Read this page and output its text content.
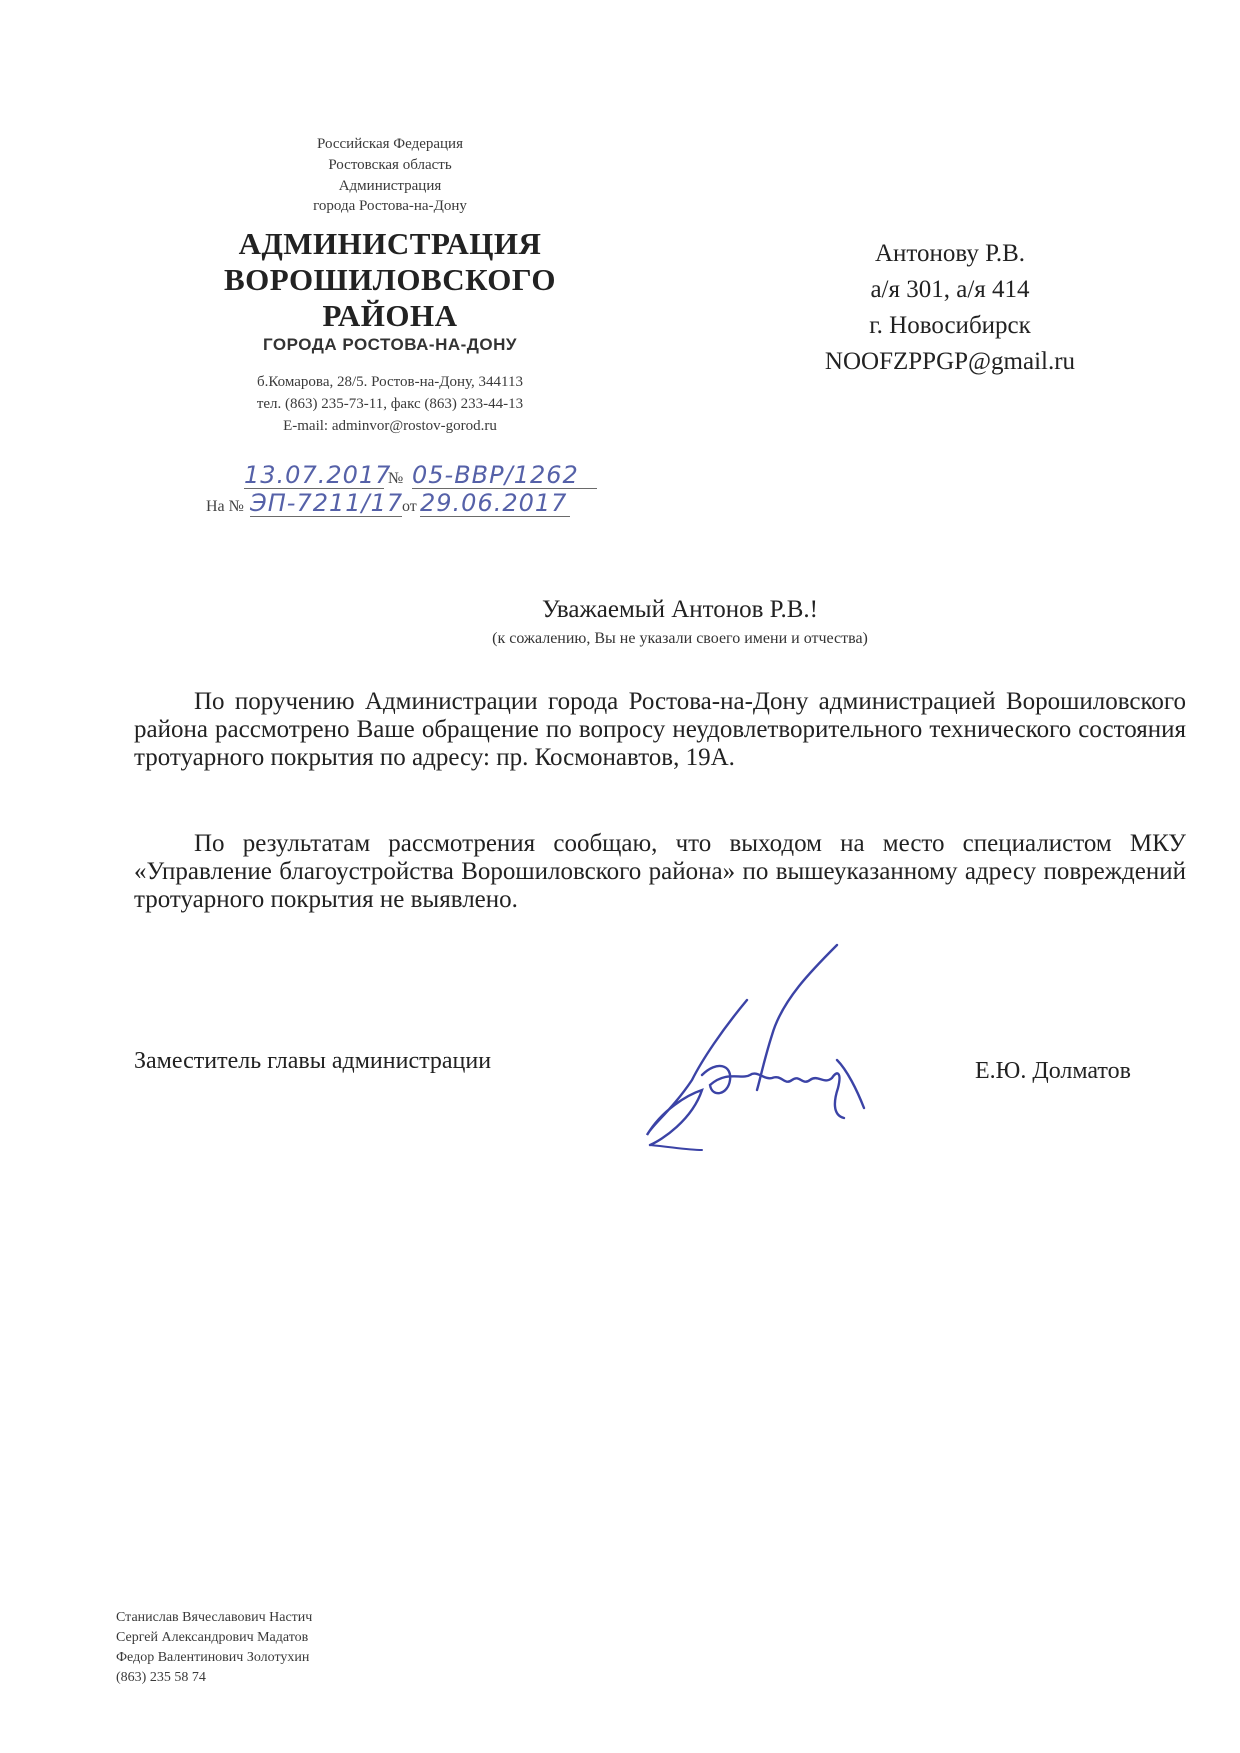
Российская Федерация
Ростовская область
Администрация
города Ростова-на-Дону
АДМИНИСТРАЦИЯ
ВОРОШИЛОВСКОГО
РАЙОНА
ГОРОДА РОСТОВА-НА-ДОНУ
б.Комарова, 28/5. Ростов-на-Дону, 344113
тел. (863) 235-73-11, факс (863) 233-44-13
E-mail: adminvor@rostov-gorod.ru
13.07.2017
№ 05-ВВР/1262
На № ЭП-7211/17
от 29.06.2017
Антонову Р.В.
а/я 301, а/я 414
г. Новосибирск
NOOFZPPGP@gmail.ru
Уважаемый Антонов Р.В.!
(к сожалению, Вы не указали своего имени и отчества)
По поручению Администрации города Ростова-на-Дону администрацией Ворошиловского района рассмотрено Ваше обращение по вопросу неудовлетворительного технического состояния тротуарного покрытия по адресу: пр. Космонавтов, 19А.
По результатам рассмотрения сообщаю, что выходом на место специалистом МКУ «Управление благоустройства Ворошиловского района» по вышеуказанному адресу повреждений тротуарного покрытия не выявлено.
Заместитель главы администрации	Е.Ю. Долматов
Станислав Вячеславович Настич
Сергей Александрович Мадатов
Федор Валентинович Золотухин
(863) 235 58 74
